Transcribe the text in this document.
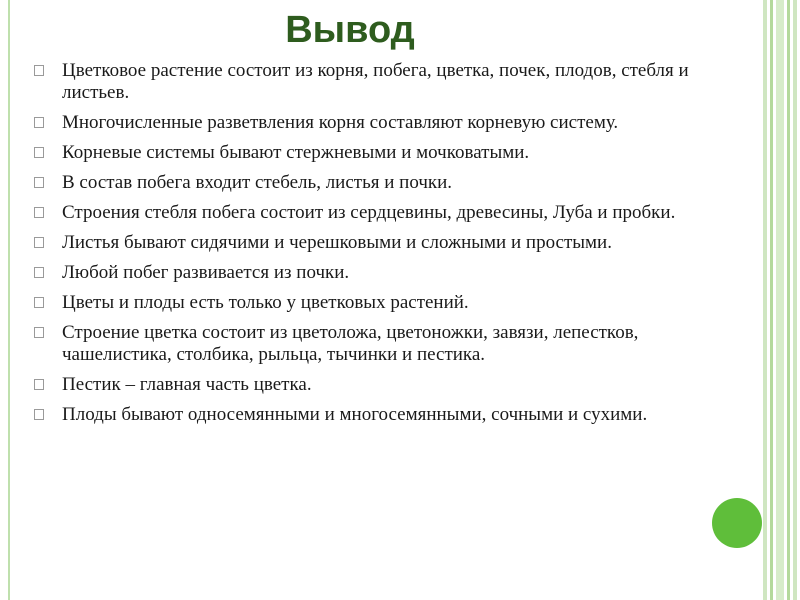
Вывод
Цветковое растение состоит из корня, побега, цветка, почек, плодов, стебля и листьев.
Многочисленные разветвления корня составляют корневую систему.
Корневые системы бывают стержневыми и мочковатыми.
В состав побега входит стебель, листья и почки.
Строения стебля побега состоит из сердцевины, древесины, Луба и пробки.
Листья бывают сидячими и черешковыми и сложными и простыми.
Любой побег развивается из почки.
Цветы и плоды есть только у цветковых растений.
Строение цветка состоит из цветоложа, цветоножки, завязи, лепестков, чашелистика, столбика, рыльца, тычинки и пестика.
Пестик – главная часть цветка.
Плоды бывают односемянными и многосемянными, сочными и сухими.
